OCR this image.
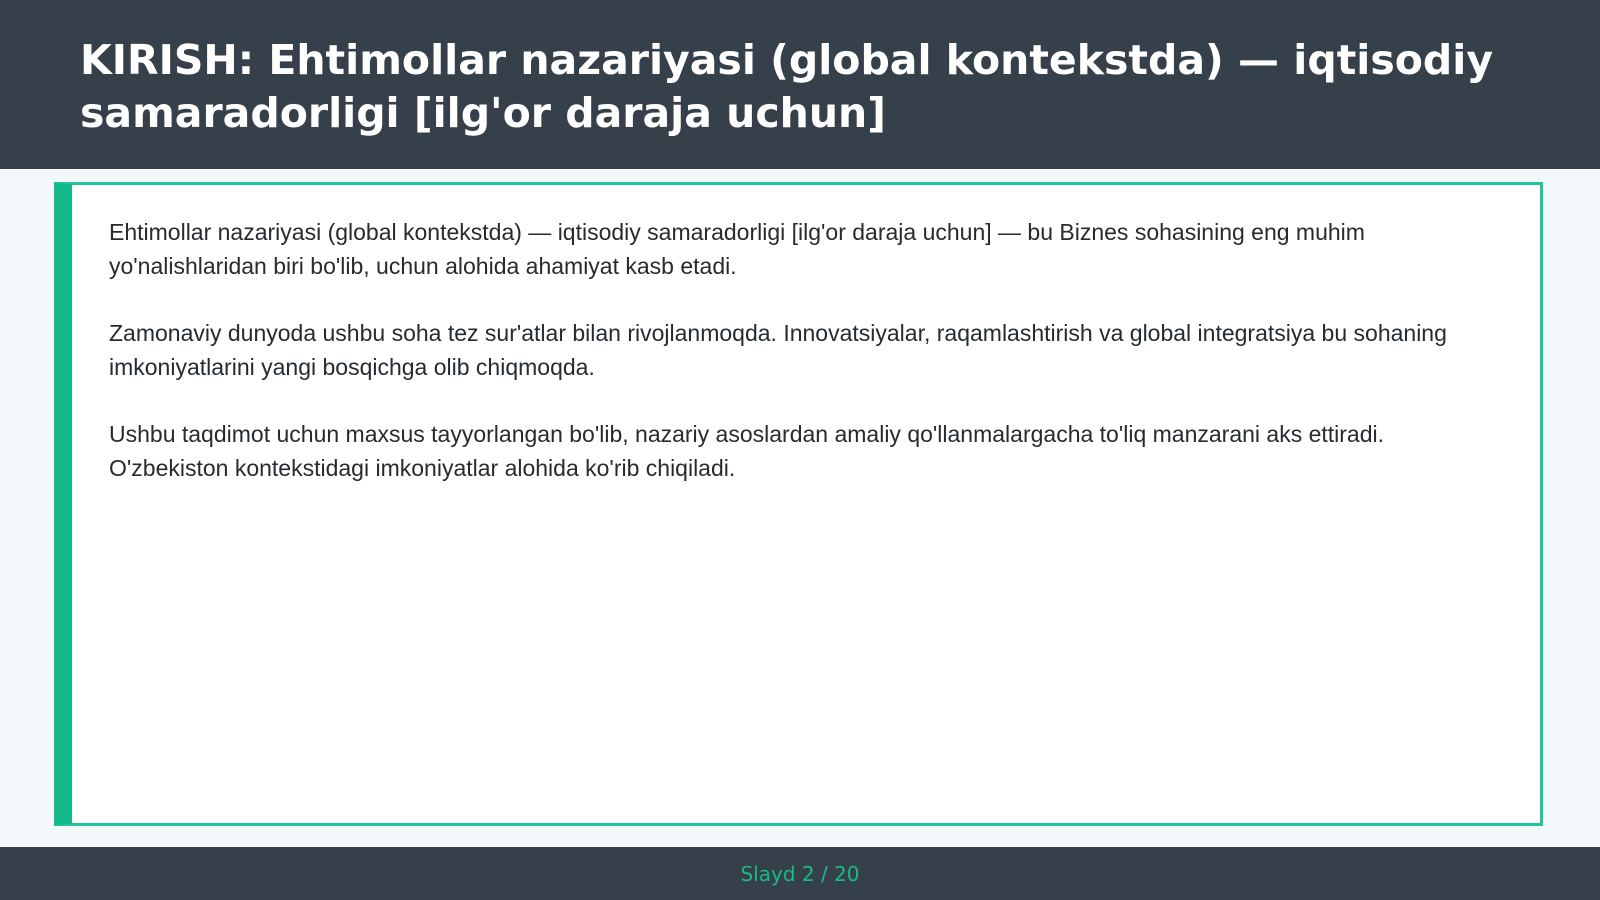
KIRISH: Ehtimollar nazariyasi (global kontekstda) — iqtisodiy samaradorligi [ilg'or daraja uchun]

Ehtimollar nazariyasi (global kontekstda) — iqtisodiy samaradorligi [ilg'or daraja uchun] — bu Biznes sohasining eng muhim yo'nalishlaridan biri bo'lib, uchun alohida ahamiyat kasb etadi.

Zamonaviy dunyoda ushbu soha tez sur'atlar bilan rivojlanmoqda. Innovatsiyalar, raqamlashtirish va global integratsiya bu sohaning imkoniyatlarini yangi bosqichga olib chiqmoqda.

Ushbu taqdimot uchun maxsus tayyorlangan bo'lib, nazariy asoslardan amaliy qo'llanmalargacha to'liq manzarani aks ettiradi. O'zbekiston kontekstidagi imkoniyatlar alohida ko'rib chiqiladi.

Slayd 2 / 20
